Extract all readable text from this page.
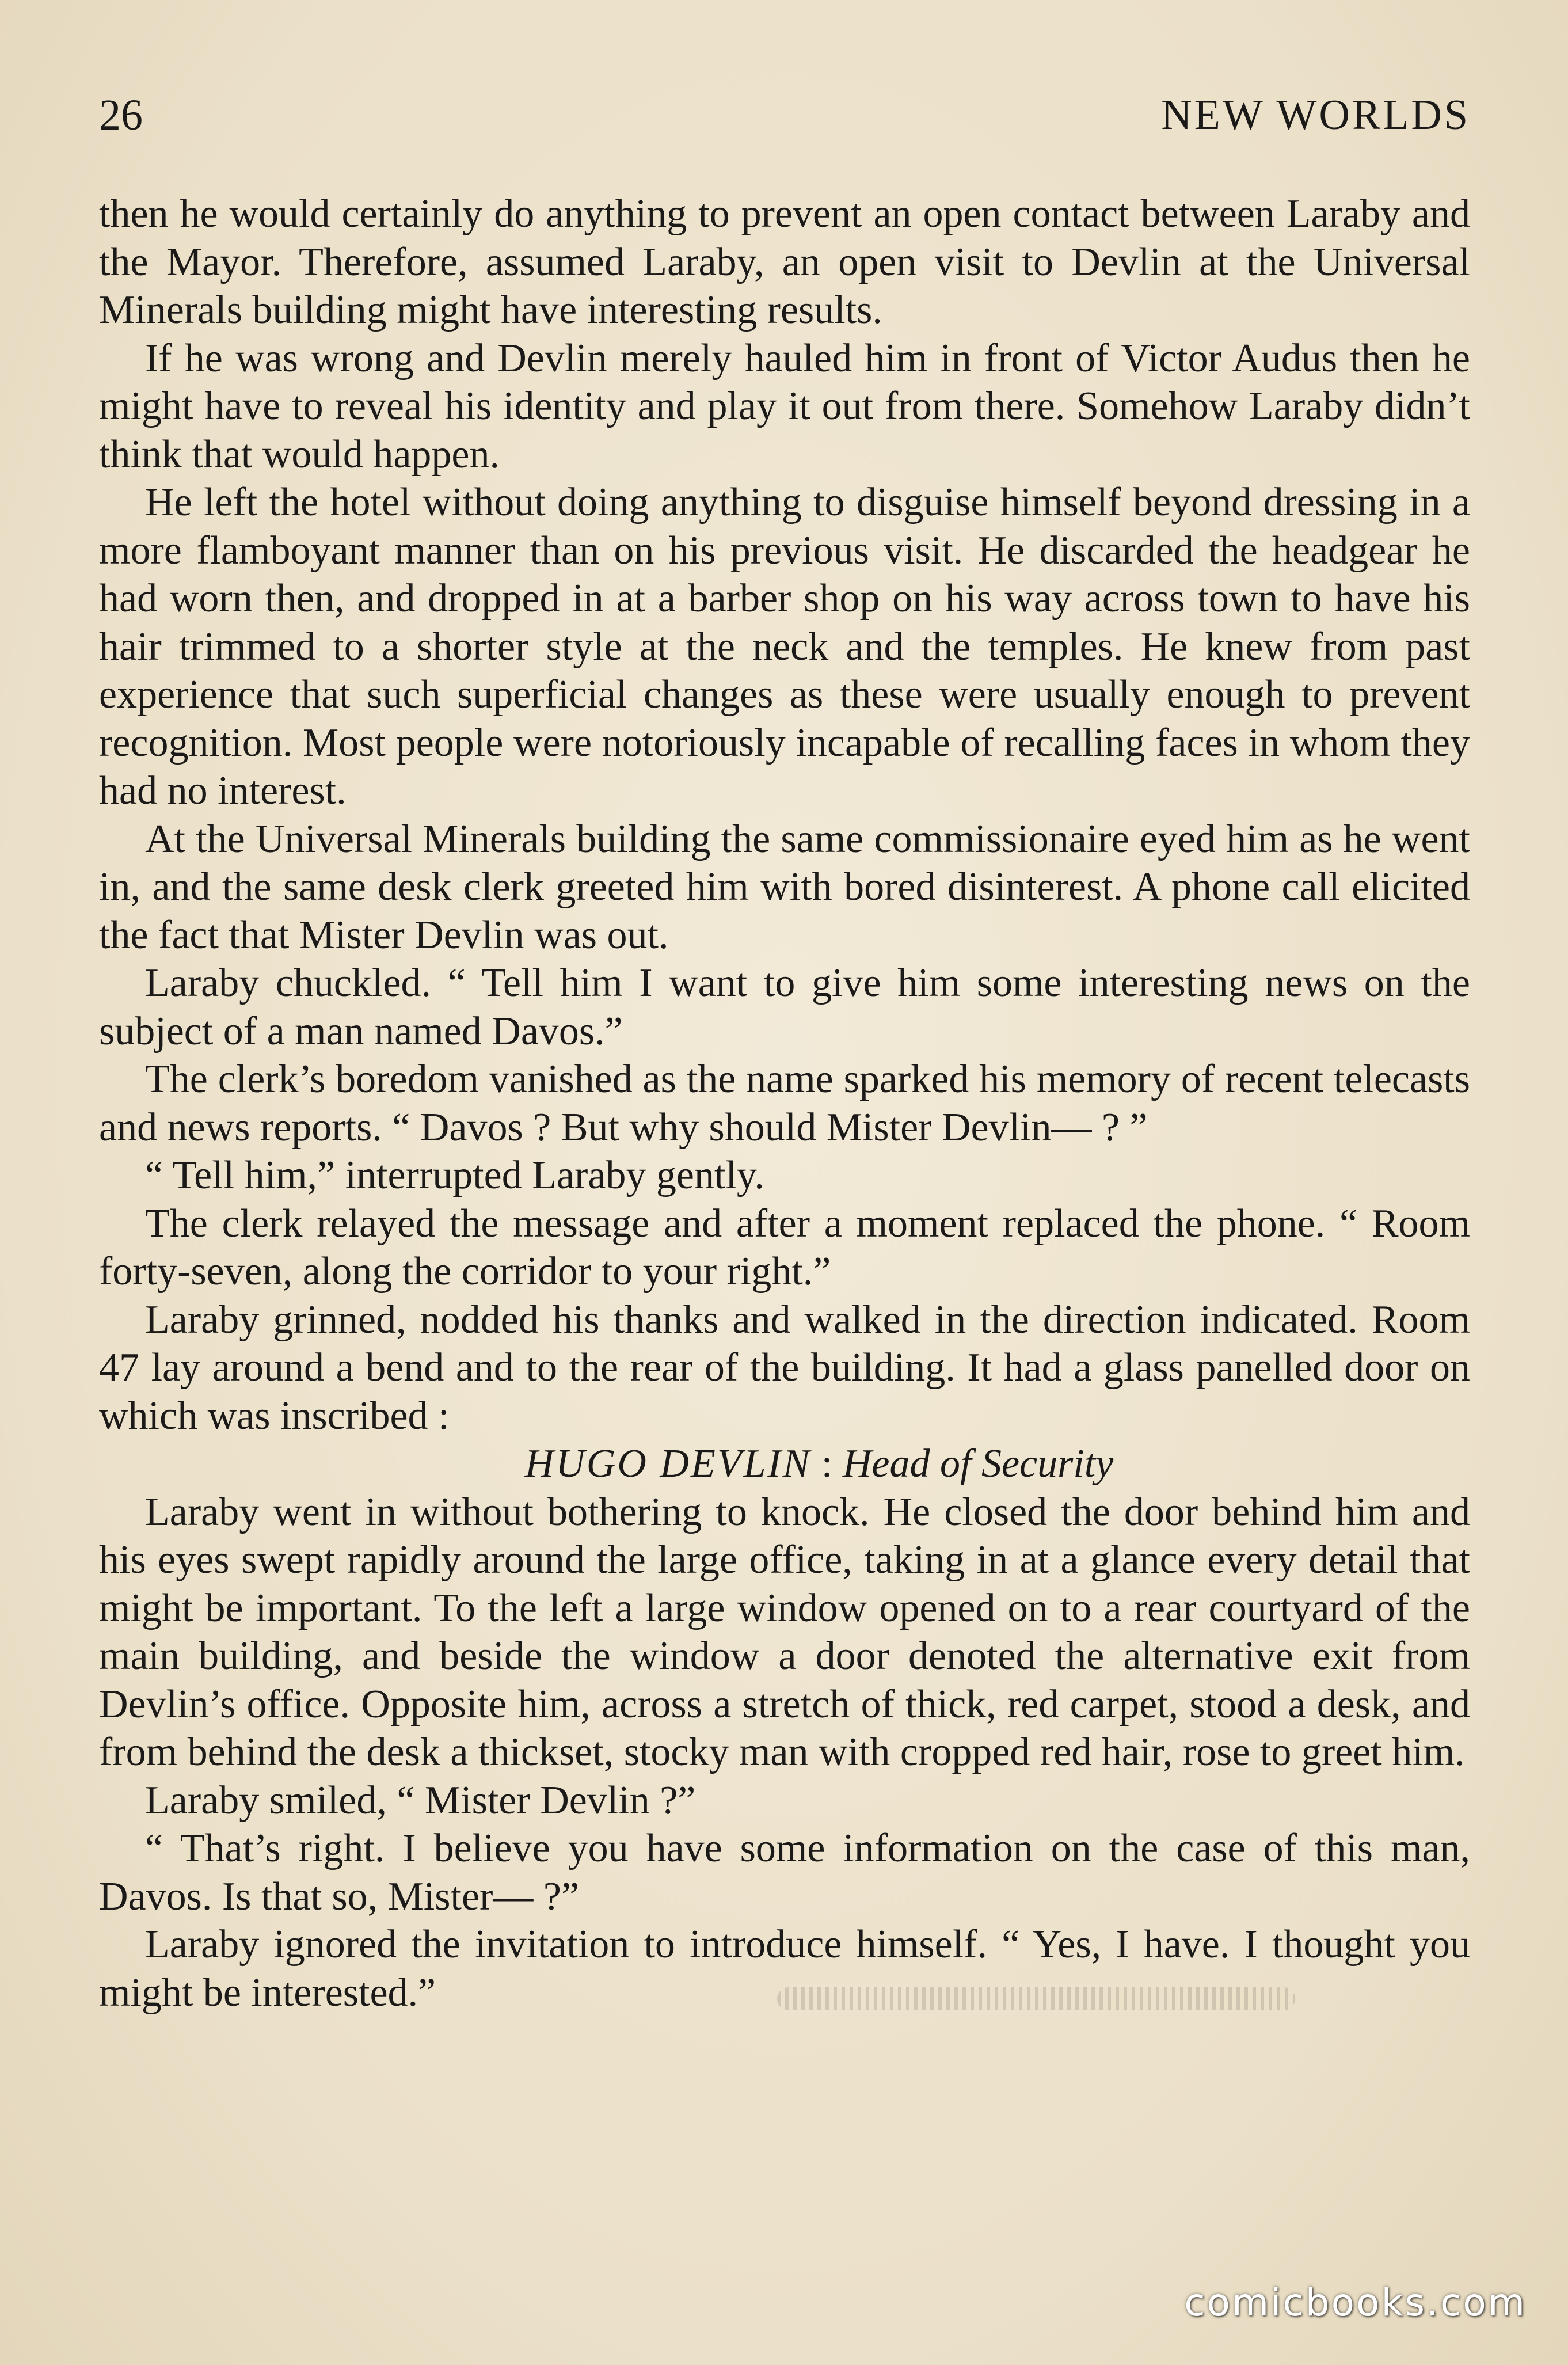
26	NEW WORLDS

then he would certainly do anything to prevent an open contact between Laraby and the Mayor. Therefore, assumed Laraby, an open visit to Devlin at the Universal Minerals building might have interesting results.

If he was wrong and Devlin merely hauled him in front of Victor Audus then he might have to reveal his identity and play it out from there. Somehow Laraby didn’t think that would happen.

He left the hotel without doing anything to disguise himself beyond dressing in a more flamboyant manner than on his previous visit. He discarded the headgear he had worn then, and dropped in at a barber shop on his way across town to have his hair trimmed to a shorter style at the neck and the temples. He knew from past experience that such superficial changes as these were usually enough to prevent recognition. Most people were notoriously incapable of recalling faces in whom they had no interest.

At the Universal Minerals building the same commissionaire eyed him as he went in, and the same desk clerk greeted him with bored disinterest. A phone call elicited the fact that Mister Devlin was out.

Laraby chuckled. “ Tell him I want to give him some interesting news on the subject of a man named Davos.”

The clerk’s boredom vanished as the name sparked his memory of recent telecasts and news reports. “ Davos ? But why should Mister Devlin— ? ”

“ Tell him,” interrupted Laraby gently.

The clerk relayed the message and after a moment replaced the phone. “ Room forty-seven, along the corridor to your right.”

Laraby grinned, nodded his thanks and walked in the direction indicated. Room 47 lay around a bend and to the rear of the building. It had a glass panelled door on which was inscribed :

HUGO DEVLIN : Head of Security

Laraby went in without bothering to knock. He closed the door behind him and his eyes swept rapidly around the large office, taking in at a glance every detail that might be important. To the left a large window opened on to a rear courtyard of the main building, and beside the window a door denoted the alternative exit from Devlin’s office. Opposite him, across a stretch of thick, red carpet, stood a desk, and from behind the desk a thickset, stocky man with cropped red hair, rose to greet him.

Laraby smiled, “ Mister Devlin ?”

“ That’s right. I believe you have some information on the case of this man, Davos. Is that so, Mister— ?”

Laraby ignored the invitation to introduce himself. “ Yes, I have. I thought you might be interested.”

comicbooks.com
